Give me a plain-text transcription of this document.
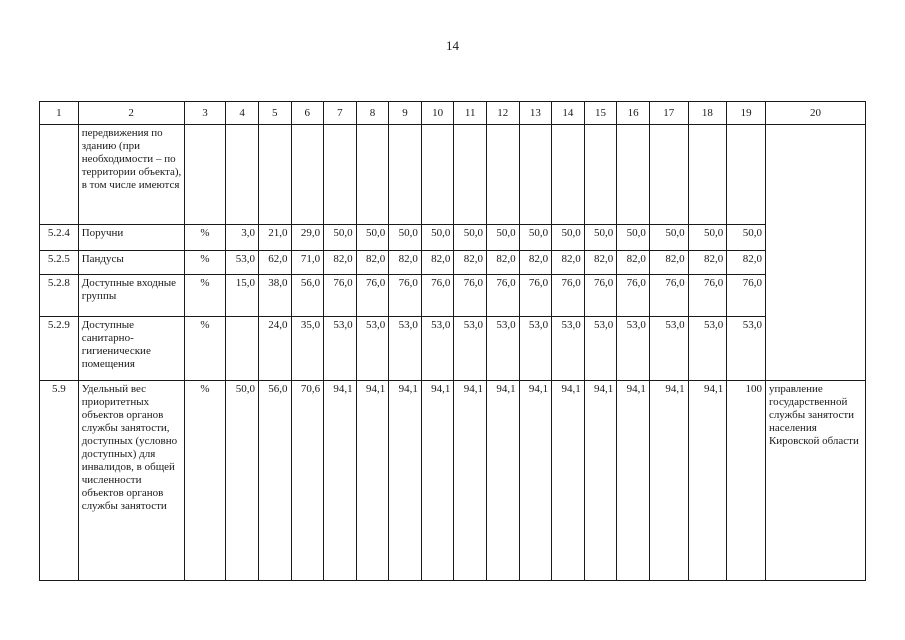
14
1	2	3	4	5	6	7	8	9	10	11	12	13	14	15	16	17	18	19	20
	передвижения по зданию (при необходимости – по территории объекта), в том числе имеются																		
5.2.4	Поручни	%	3,0	21,0	29,0	50,0	50,0	50,0	50,0	50,0	50,0	50,0	50,0	50,0	50,0	50,0	50,0	50,0	
5.2.5	Пандусы	%	53,0	62,0	71,0	82,0	82,0	82,0	82,0	82,0	82,0	82,0	82,0	82,0	82,0	82,0	82,0	82,0	
5.2.8	Доступные входные группы	%	15,0	38,0	56,0	76,0	76,0	76,0	76,0	76,0	76,0	76,0	76,0	76,0	76,0	76,0	76,0	76,0	
5.2.9	Доступные санитарно-гигиенические помещения	%		24,0	35,0	53,0	53,0	53,0	53,0	53,0	53,0	53,0	53,0	53,0	53,0	53,0	53,0	53,0	
5.9	Удельный вес приоритетных объектов органов службы занятости, доступных (условно доступных) для инвалидов, в общей численности объектов органов службы занятости	%	50,0	56,0	70,6	94,1	94,1	94,1	94,1	94,1	94,1	94,1	94,1	94,1	94,1	94,1	94,1	100	управление государственной службы занятости населения Кировской области
